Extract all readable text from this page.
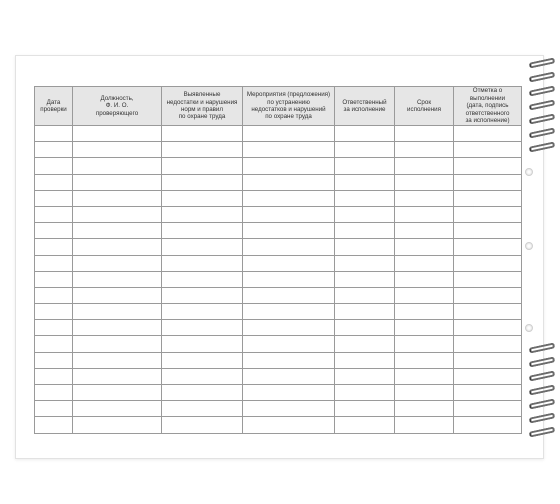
Дата
проверки	Должность,
Ф. И. О.
проверяющего	Выявленные
недостатки и нарушения
норм и правил
по охране труда	Мероприятия (предложения)
по устранению
недостатков и нарушений
по охране труда	Ответственный
за исполнение	Срок
исполнения	Отметка о выполнении
(дата, подпись
ответственного
за исполнение)
